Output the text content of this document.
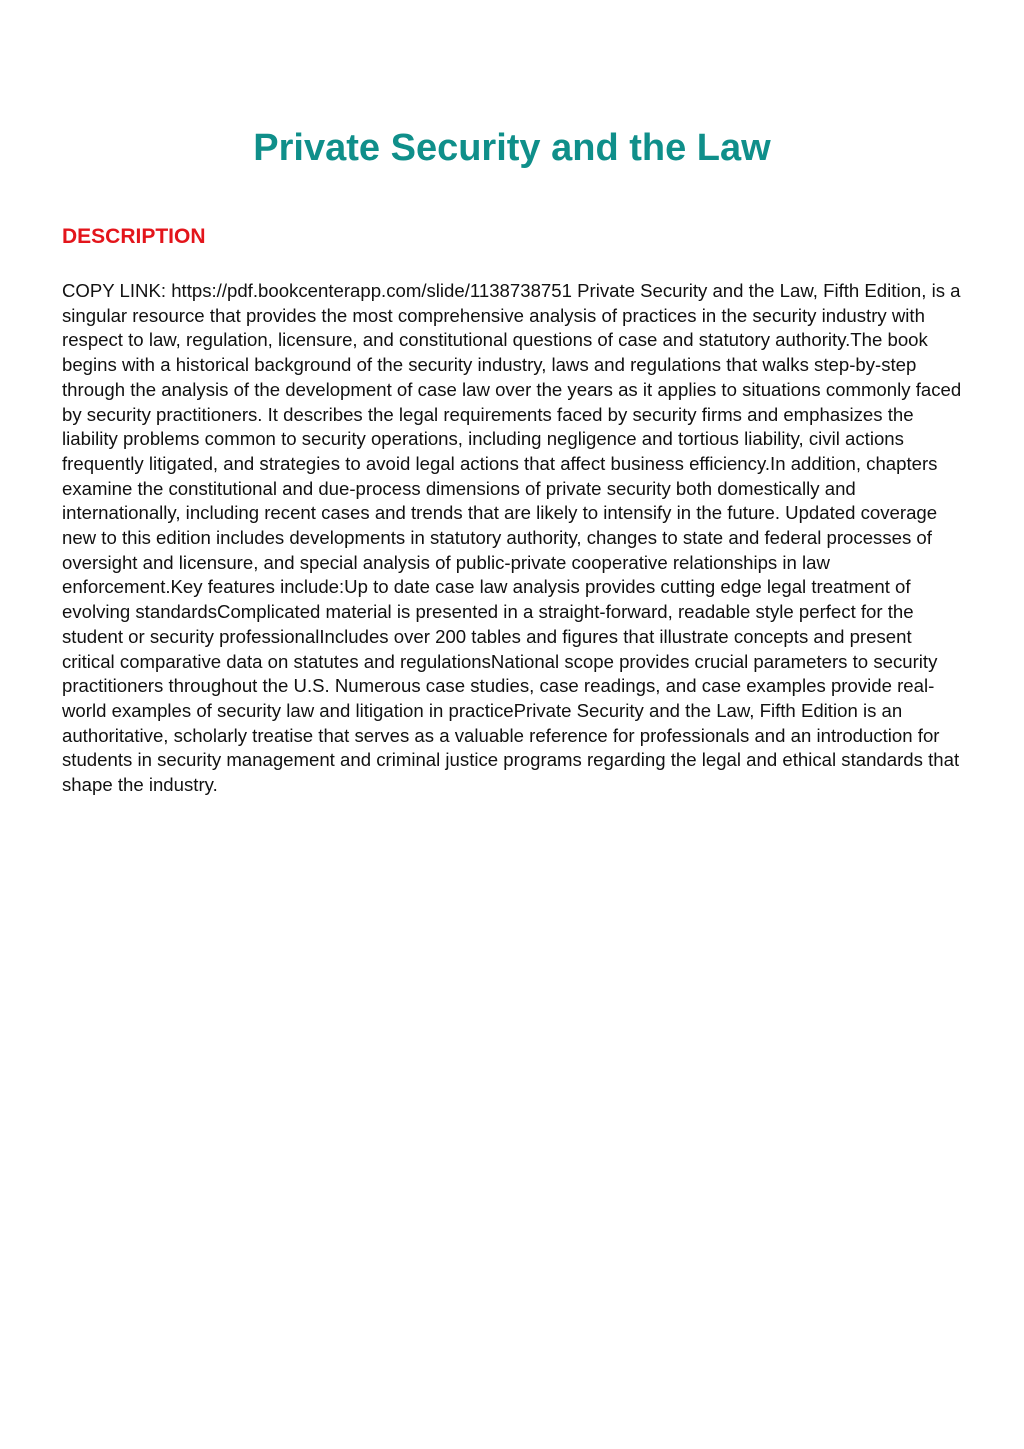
Private Security and the Law
DESCRIPTION

COPY LINK: https://pdf.bookcenterapp.com/slide/1138738751 Private Security and the Law, Fifth Edition, is a singular resource that provides the most comprehensive analysis of practices in the security industry with respect to law, regulation, licensure, and constitutional questions of case and statutory authority.The book begins with a historical background of the security industry, laws and regulations that walks step-by-step through the analysis of the development of case law over the years as it applies to situations commonly faced by security practitioners. It describes the legal requirements faced by security firms and emphasizes the liability problems common to security operations, including negligence and tortious liability, civil actions frequently litigated, and strategies to avoid legal actions that affect business efficiency.In addition, chapters examine the constitutional and due-process dimensions of private security both domestically and internationally, including recent cases and trends that are likely to intensify in the future. Updated coverage new to this edition includes developments in statutory authority, changes to state and federal processes of oversight and licensure, and special analysis of public-private cooperative relationships in law enforcement.Key features include:Up to date case law analysis provides cutting edge legal treatment of evolving standardsComplicated material is presented in a straight-forward, readable style perfect for the student or security professionalIncludes over 200 tables and figures that illustrate concepts and present critical comparative data on statutes and regulationsNational scope provides crucial parameters to security practitioners throughout the U.S. Numerous case studies, case readings, and case examples provide real-world examples of security law and litigation in practicePrivate Security and the Law, Fifth Edition is an authoritative, scholarly treatise that serves as a valuable reference for professionals and an introduction for students in security management and criminal justice programs regarding the legal and ethical standards that shape the industry.
